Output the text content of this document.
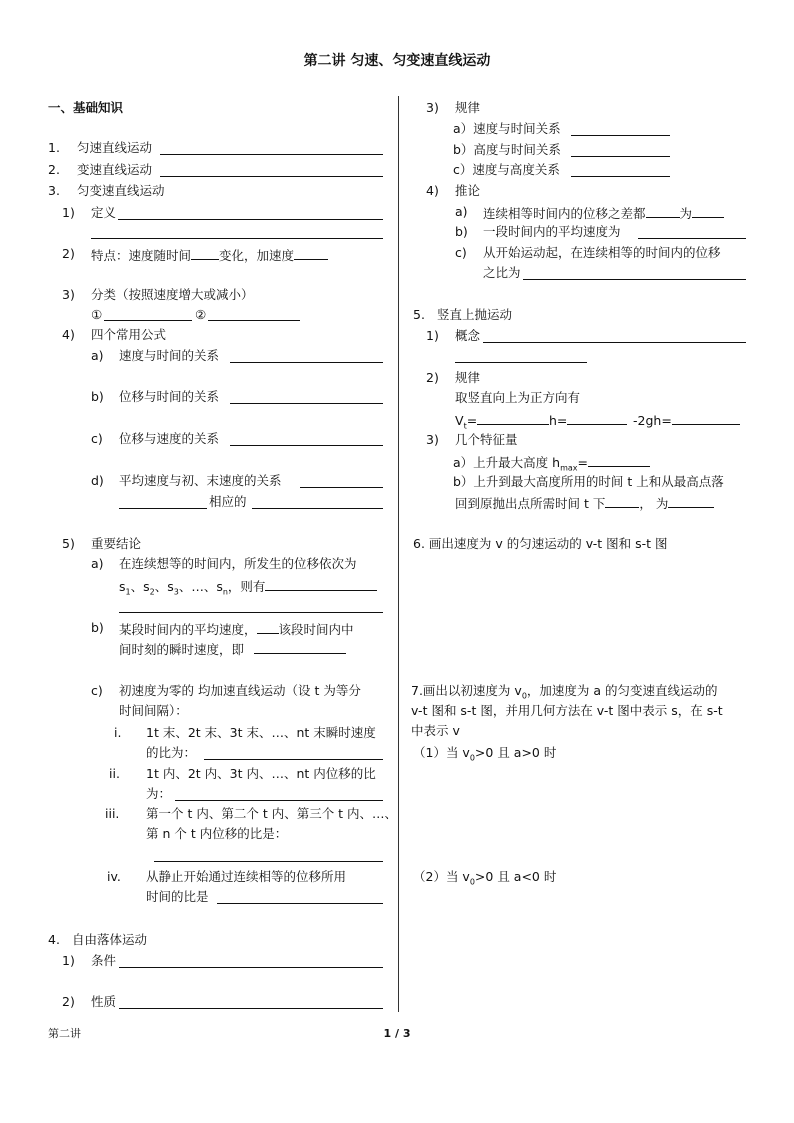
第二讲 匀速、匀变速直线运动
一、基础知识
1. 匀速直线运动
2. 变速直线运动
3. 匀变速直线运动
1) 定义
2) 特点：速度随时间 变化，加速度
3) 分类（按照速度增大或减小）
①	②
4) 四个常用公式
a) 速度与时间的关系
b) 位移与时间的关系
c) 位移与速度的关系
d) 平均速度与初、末速度的关系
相应的
5) 重要结论
a) 在连续想等的时间内，所发生的位移依次为
$s_1$、$s_2$、$s_3$、…、$s_n$，则有
b) 某段时间内的平均速度， 该段时间内中
间时刻的瞬时速度，即
c) 初速度为零的 均加速直线运动（设 t 为等分
时间间隔）：
i. 1t 末、2t 末、3t 末、…、nt 末瞬时速度
的比为：
ii. 1t 内、2t 内、3t 内、…、nt 内位移的比
为：
iii. 第一个 t 内、第二个 t 内、第三个 t 内、…、
第 n 个 t 内位移的比是：
iv. 从静止开始通过连续相等的位移所用
时间的比是
4. 自由落体运动
1) 条件
2) 性质
3) 规律
a）速度与时间关系
b）高度与时间关系
c）速度与高度关系
4) 推论
a) 连续相等时间内的位移之差都	为
b) 一段时间内的平均速度为
c) 从开始运动起，在连续相等的时间内的位移
之比为
5. 竖直上抛运动
1) 概念
2) 规律
取竖直向上为正方向有
$V_t=$	h=	-2gh=
3) 几个特征量
a）上升最大高度 $h_{max}=$
b）上升到最大高度所用的时间 t 上和从最高点落
回到原抛出点所需时间 t 下	， 为
6. 画出速度为 v 的匀速运动的 v-t 图和 s-t 图
7.画出以初速度为 $v_0$，加速度为 a 的匀变速直线运动的
v-t 图和 s-t 图，并用几何方法在 v-t 图中表示 s，在 s-t
中表示 v
（1）当 $v_0>0$ 且 a>0 时
（2）当 $v_0>0$ 且 a<0 时
第二讲	1 / 3
